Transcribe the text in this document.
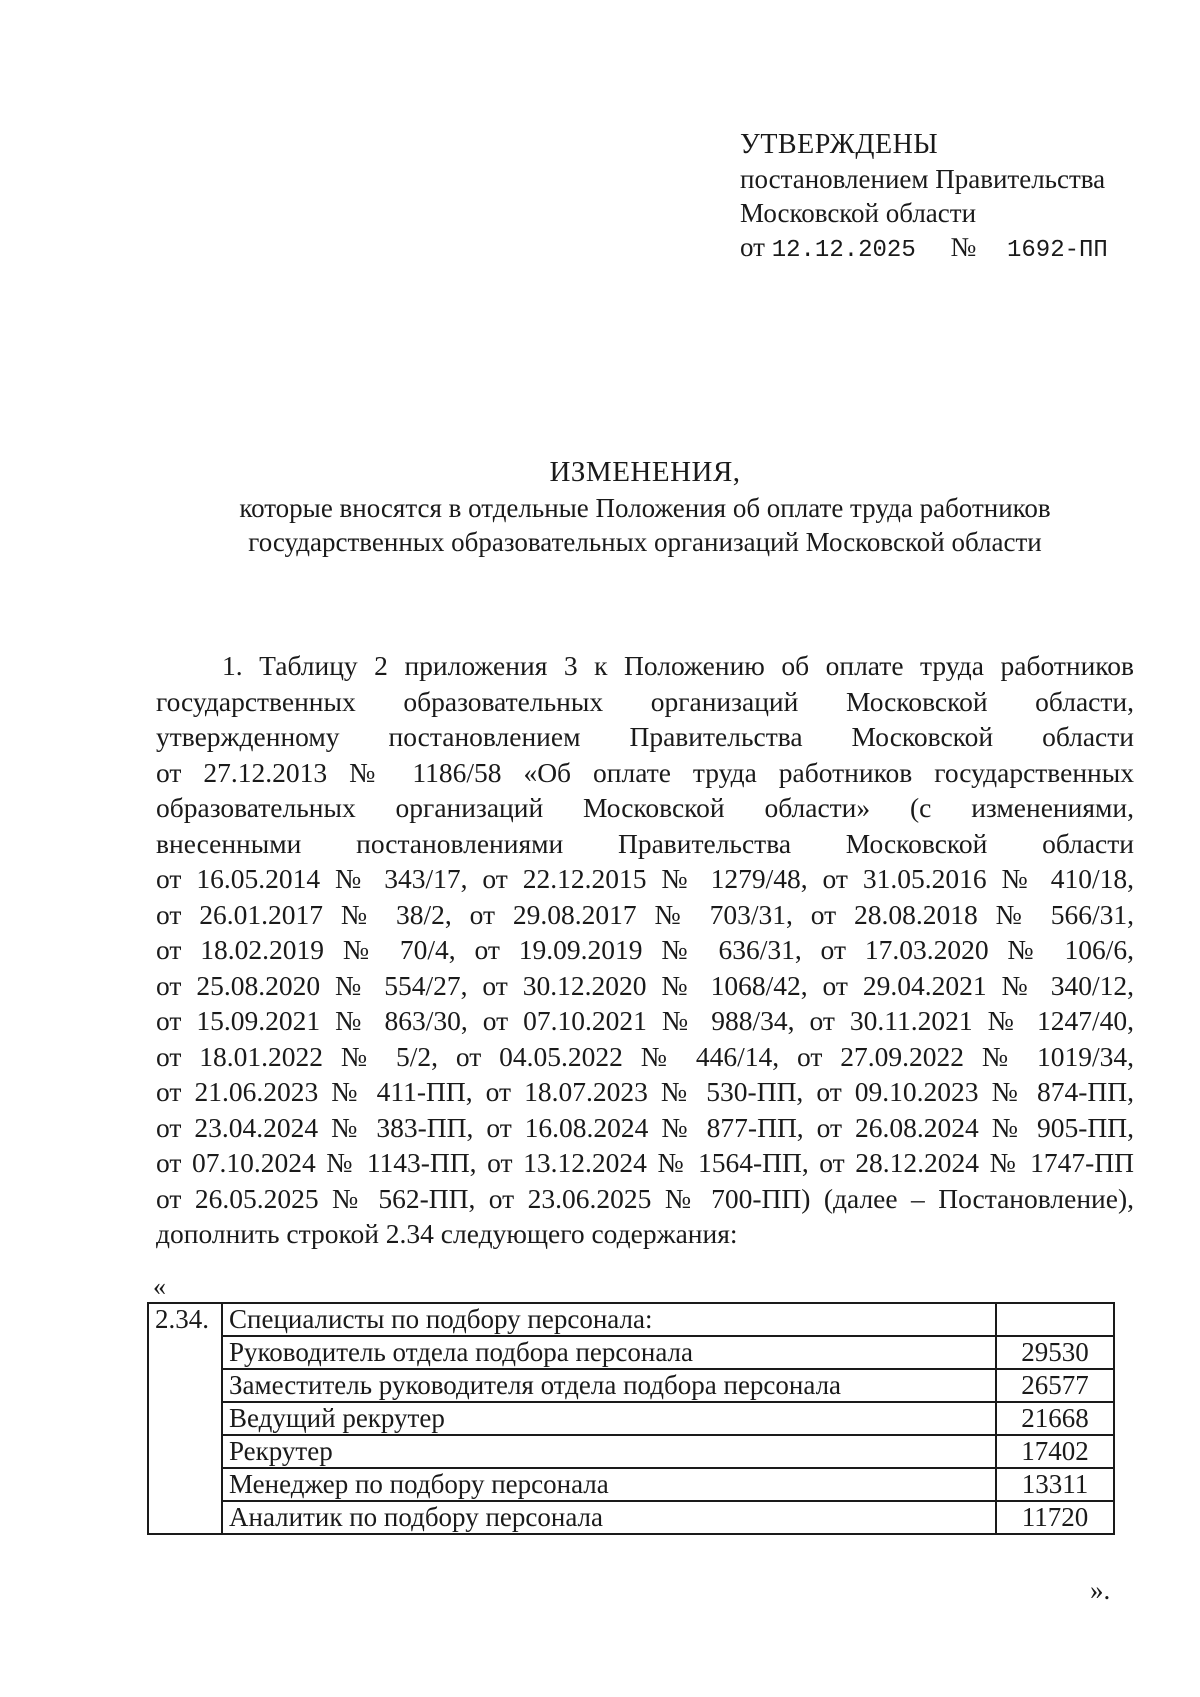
УТВЕРЖДЕНЫ
постановлением Правительства
Московской области
от 12.12.2025 № 1692-ПП
ИЗМЕНЕНИЯ,
которые вносятся в отдельные Положения об оплате труда работников
государственных образовательных организаций Московской области
1. Таблицу 2 приложения 3 к Положению об оплате труда работников
государственных образовательных организаций Московской области,
утвержденному постановлением Правительства Московской области
от 27.12.2013 № 1186/58 «Об оплате труда работников государственных
образовательных организаций Московской области» (с изменениями,
внесенными постановлениями Правительства Московской области
от 16.05.2014 № 343/17, от 22.12.2015 № 1279/48, от 31.05.2016 № 410/18,
от 26.01.2017 № 38/2, от 29.08.2017 № 703/31, от 28.08.2018 № 566/31,
от 18.02.2019 № 70/4, от 19.09.2019 № 636/31, от 17.03.2020 № 106/6,
от 25.08.2020 № 554/27, от 30.12.2020 № 1068/42, от 29.04.2021 № 340/12,
от 15.09.2021 № 863/30, от 07.10.2021 № 988/34, от 30.11.2021 № 1247/40,
от 18.01.2022 № 5/2, от 04.05.2022 № 446/14, от 27.09.2022 № 1019/34,
от 21.06.2023 № 411-ПП, от 18.07.2023 № 530-ПП, от 09.10.2023 № 874-ПП,
от 23.04.2024 № 383-ПП, от 16.08.2024 № 877-ПП, от 26.08.2024 № 905-ПП,
от 07.10.2024 № 1143-ПП, от 13.12.2024 № 1564-ПП, от 28.12.2024 № 1747-ПП
от 26.05.2025 № 562-ПП, от 23.06.2025 № 700-ПП) (далее – Постановление),
дополнить строкой 2.34 следующего содержания:
«
2.34.	Специалисты по подбору персонала:	
	Руководитель отдела подбора персонала	29530
	Заместитель руководителя отдела подбора персонала	26577
	Ведущий рекрутер	21668
	Рекрутер	17402
	Менеджер по подбору персонала	13311
	Аналитик по подбору персонала	11720
».
